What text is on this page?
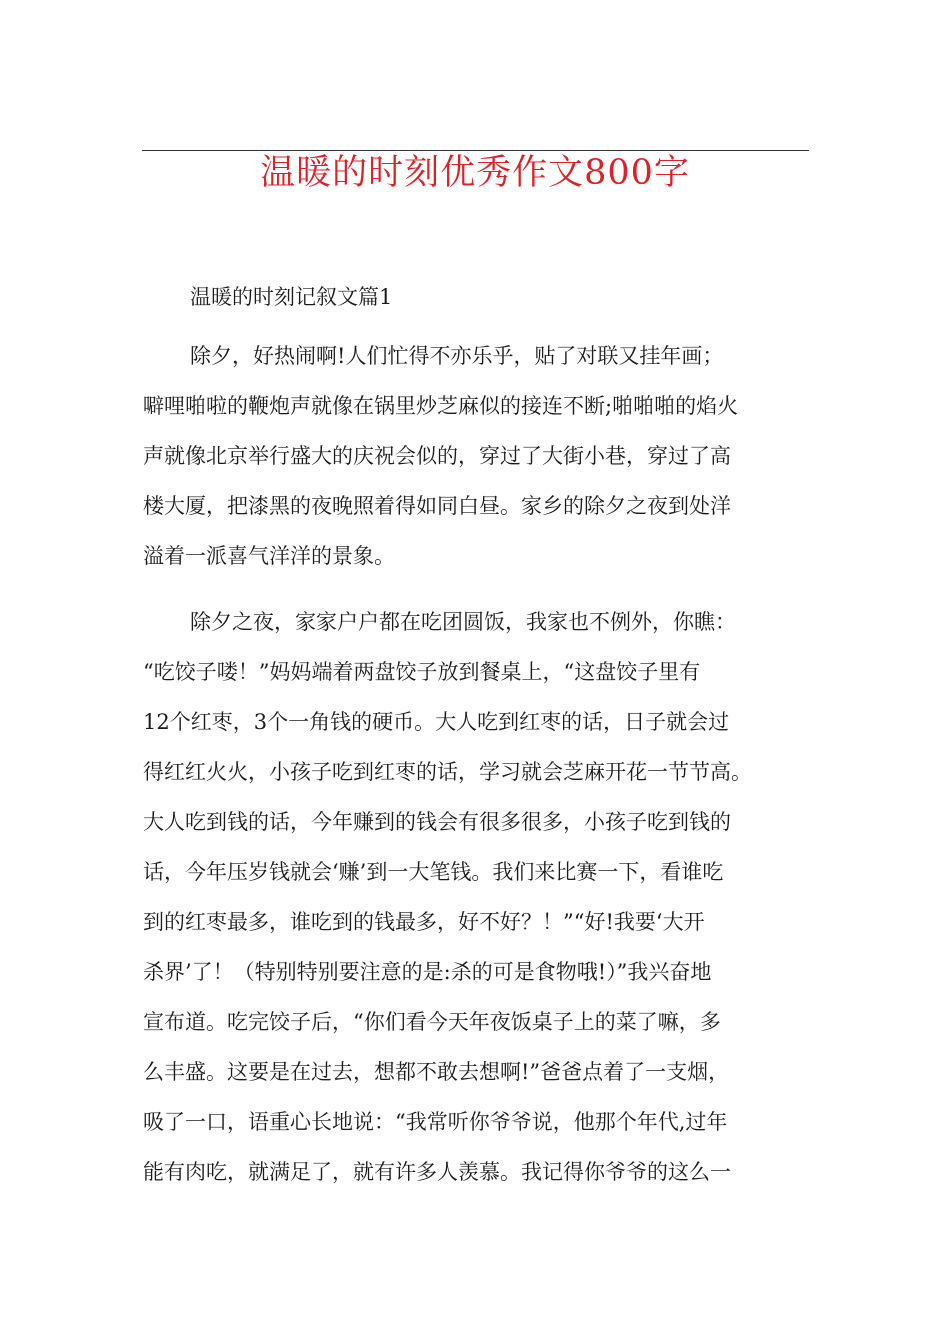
温暖的时刻优秀作文800字
温暖的时刻记叙文篇1
除夕，好热闹啊!人们忙得不亦乐乎，贴了对联又挂年画；
噼哩啪啦的鞭炮声就像在锅里炒芝麻似的接连不断;啪啪啪的焰火
声就像北京举行盛大的庆祝会似的，穿过了大街小巷，穿过了高
楼大厦，把漆黑的夜晚照着得如同白昼。家乡的除夕之夜到处洋
溢着一派喜气洋洋的景象。
除夕之夜，家家户户都在吃团圆饭，我家也不例外，你瞧：
“吃饺子喽！”妈妈端着两盘饺子放到餐桌上，“这盘饺子里有
12个红枣，3个一角钱的硬币。大人吃到红枣的话，日子就会过
得红红火火，小孩子吃到红枣的话，学习就会芝麻开花一节节高。
大人吃到钱的话，今年赚到的钱会有很多很多，小孩子吃到钱的
话，今年压岁钱就会‘赚’到一大笔钱。我们来比赛一下，看谁吃
到的红枣最多，谁吃到的钱最多，好不好？！”“好!我要‘大开
杀界’了！（特别特别要注意的是:杀的可是食物哦!）”我兴奋地
宣布道。吃完饺子后，“你们看今天年夜饭桌子上的菜了嘛，多
么丰盛。这要是在过去，想都不敢去想啊!”爸爸点着了一支烟，
吸了一口，语重心长地说：“我常听你爷爷说，他那个年代,过年
能有肉吃，就满足了，就有许多人羡慕。我记得你爷爷的这么一
